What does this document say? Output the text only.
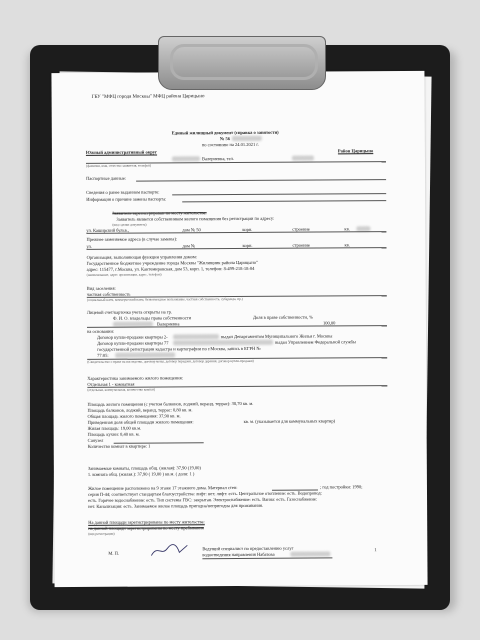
ГБУ "МФЦ города Москвы" МФЦ района Царицыно
Единый жилищный документ (справка о занятости)
№ 56
по состоянию на 24.01.2021 г.
Южный административный округ	Район Царицыно
Валериевна, тел.
(фамилия, имя, отчество заявителя, телефон)
Паспортные данные:
Сведения о ранее выданном паспорте:
Информация о причине замены паспорта:
Заявитель зарегистрирован по месту жительства:
Заявитель является собственником жилого помещения без регистрации по адресу:
(вид сделки документа)
ул. Каширский бульв.,	дом № 50	корп.	строение	кв.
Прежнее заменяемое адреса (в случае замены):
ул.	дом №	корп.	строение	кв.
Организация, выполняющая функции управления домом:
Государственное бюджетное учреждение города Москвы "Жилищник района Царицыно"
адрес: 115477, г.Москва, ул. Кантемировская, дом 53, корп. 1, телефон: 8-499-218-18-04
(наименование, адрес организации, адрес, телефон)
Вид заселения:
частная собственность
(социальный наем, коммерческий наем, безвозмездное пользование, частная собственность, субаренда, пр.)
Лицевой счет/карточка учета открыты на гр.
Ф. И. О. владельцы права собственности	Доля в праве собственности, %
Валериевна	100,00
на основании:
Договор купли-продажи квартиры 2-	выдан Департаментом Муниципального Жилья г. Москвы
Договор купли-продажи квартиры 77	выдан Управлением Федеральной службы
государственной регистрации кадастра и картографии по г.Москва, запись в ЕГРН №
77:05:
(Свидетельство о праве на наследство, договор мены, договор передачи, договор дарения, договор купли-продажи)
Характеристика занимаемого жилого помещения:
Отдельная 1 - комнатная
(отдельная, коммунальная, количество комнат)
Площадь жилого помещения (с учетом балконов, лоджий, веранд, террас): 38,70 кв. м.
Площадь балконов, лоджий, веранд, террас: 0,80 кв. м.
Общая площадь жилого помещения: 37,90 кв. м.
Приведенная доля общей площади жилого помещения:	кв. м. (указывается для коммунальных квартир)
Жилая площадь: 19,00 кв.м.
Площадь кухни: 8,40 кв. м.
Санузел
Количество комнат в квартире: 1
Занимаемые комнаты, площадь общ. (жилая): 37,90 (19,00)
1. комната общ. (жилая.): 37,90 ( 19,00 ) кв.м. ( доля: 1 )
Жилое помещение расположено на 9 этаже 17 этажного дома. Материал стен:	; год постройки: 1998;
серия П-44; соответствует стандартам благоустройства: лифт: нет; лифт: есть. Центральное отопление: есть. Водопровод:
есть. Горячее водоснабжение: есть. Тип системы ГВС: закрытая. Электроснабжение: есть. Ванна: есть. Газоснабжение:
нет. Канализация: есть. Занимаемое жилое площадь пригодна/непригодна для проживания.
На данной площади зарегистрированы по месту жительства:
на данной площади зарегистрированы по месту пребывания
(вид регистрации)
М. П.
Ведущий специалист по предоставлению услуг
водоотведения направления Набатова
1
